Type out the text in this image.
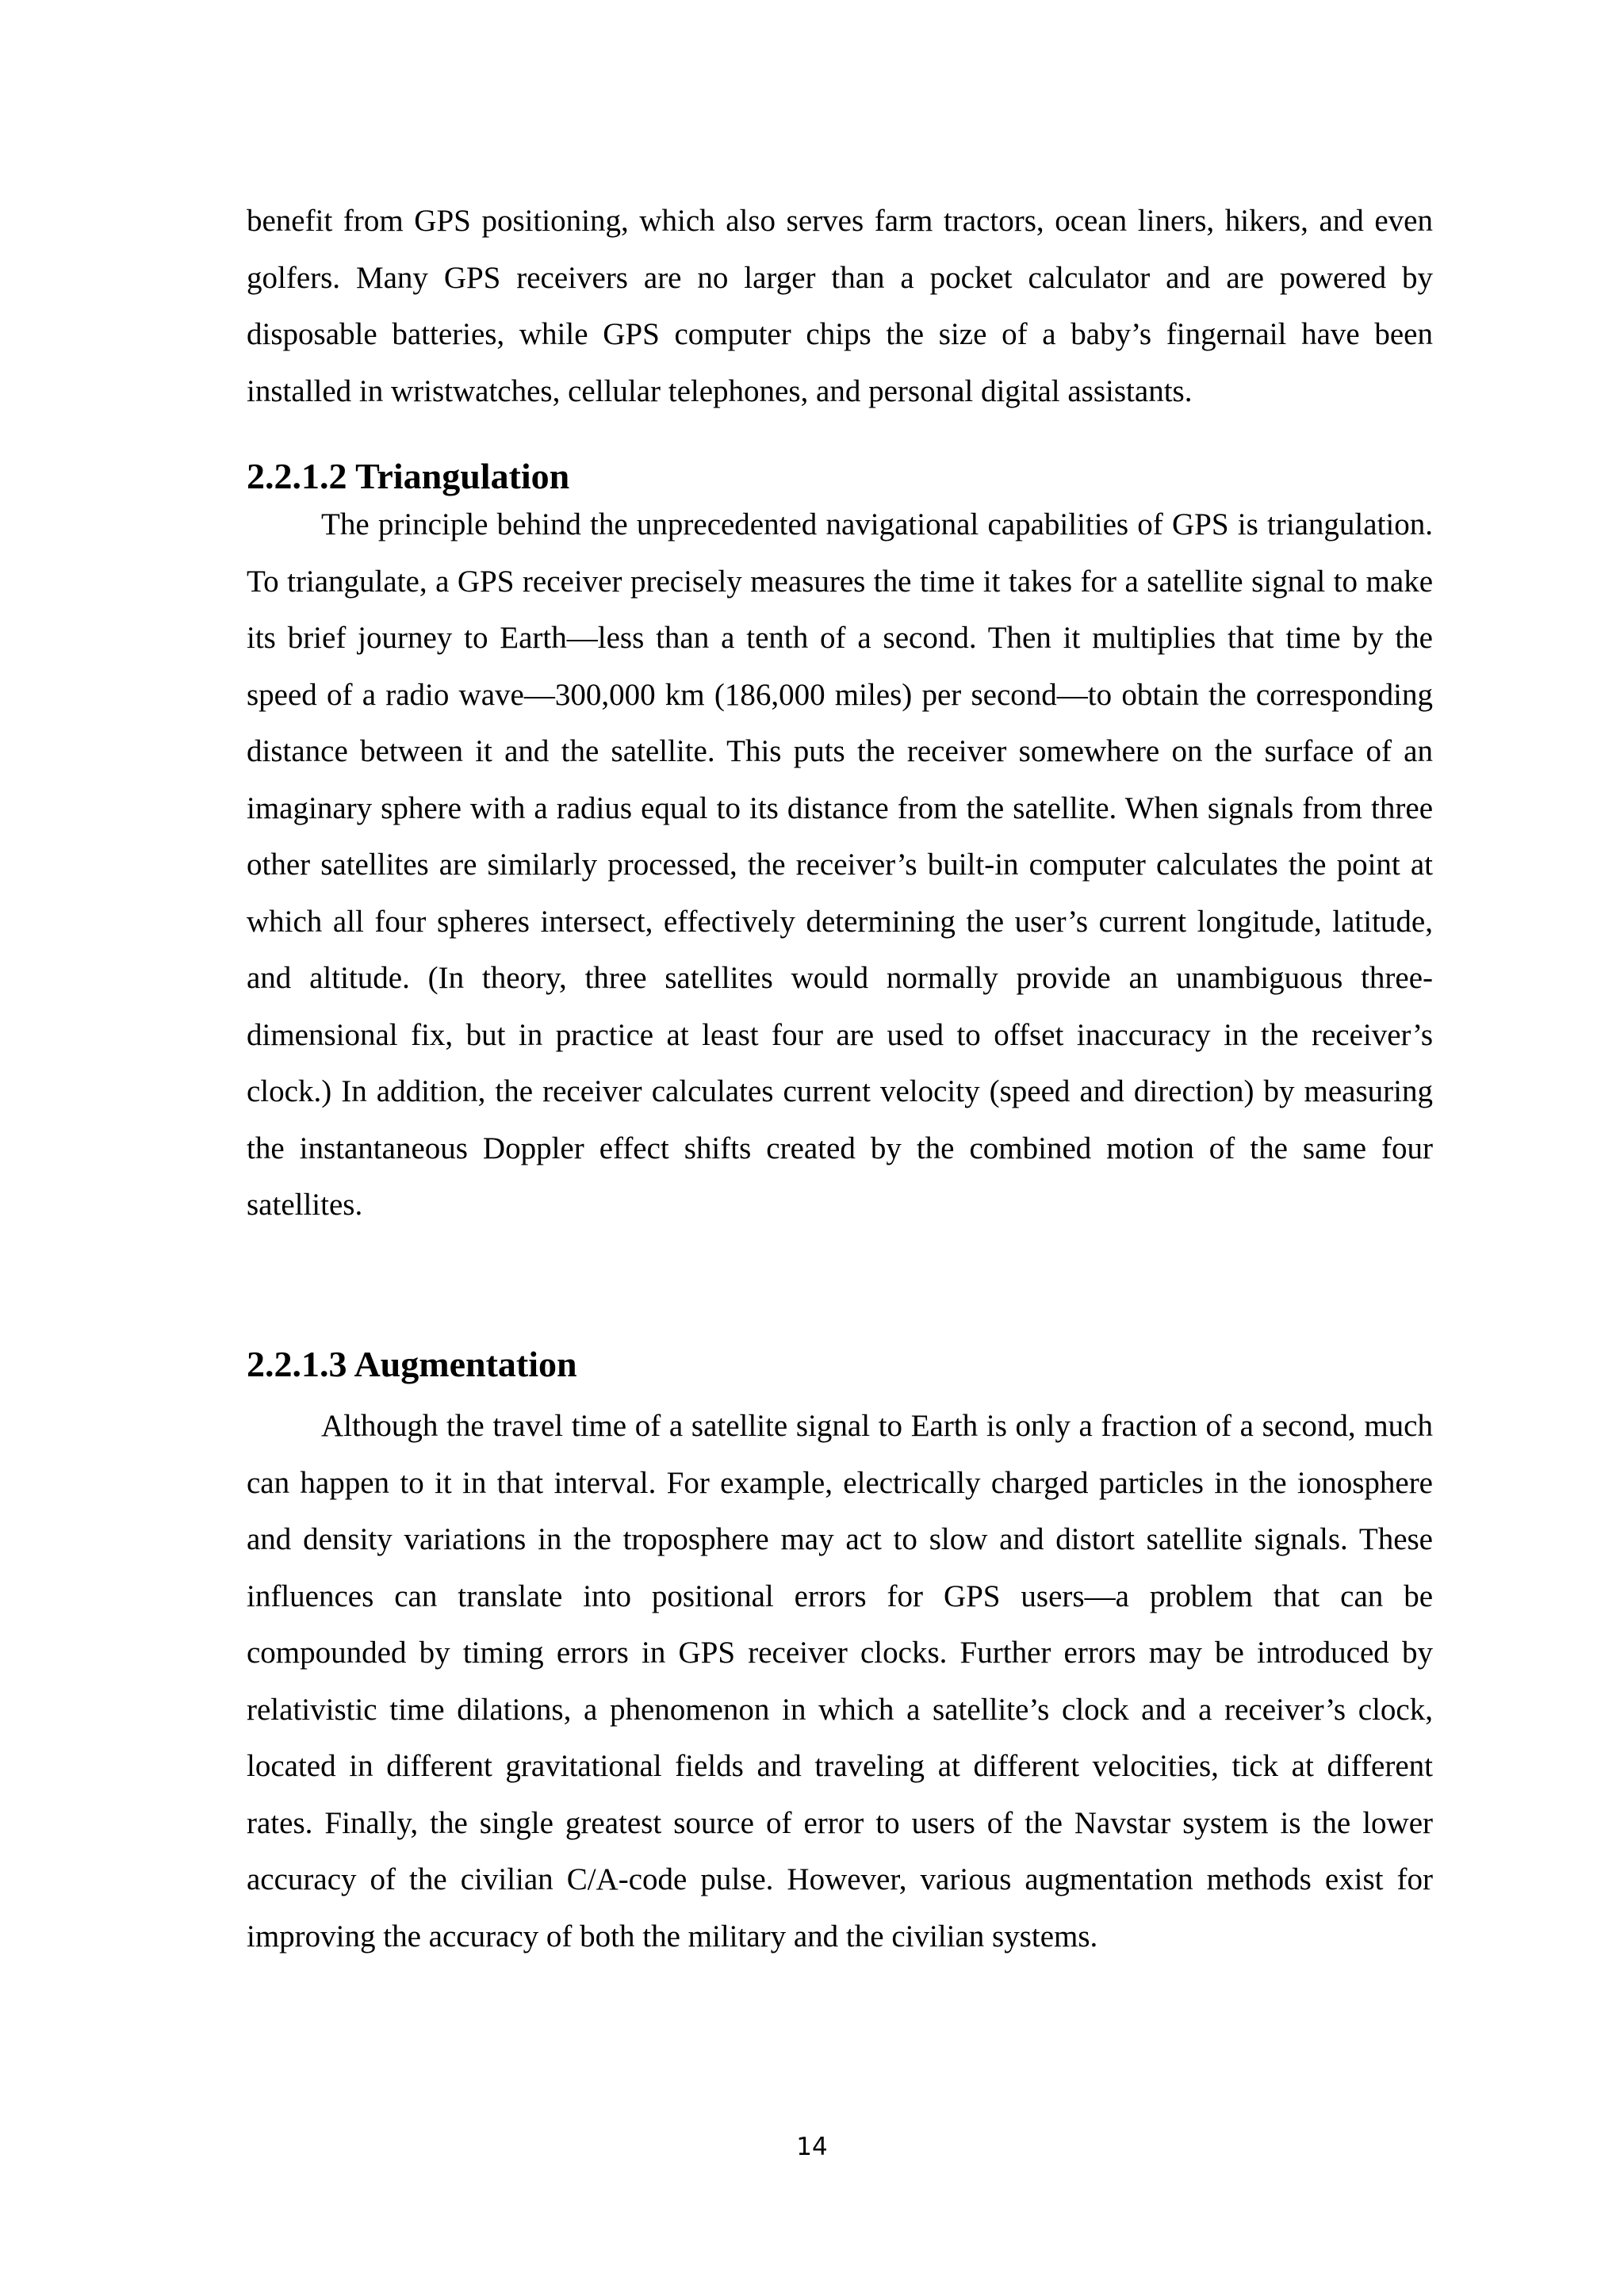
benefit from GPS positioning, which also serves farm tractors, ocean liners, hikers, and even golfers. Many GPS receivers are no larger than a pocket calculator and are powered by disposable batteries, while GPS computer chips the size of a baby’s fingernail have been installed in wristwatches, cellular telephones, and personal digital assistants.

2.2.1.2 Triangulation

The principle behind the unprecedented navigational capabilities of GPS is triangulation. To triangulate, a GPS receiver precisely measures the time it takes for a satellite signal to make its brief journey to Earth—less than a tenth of a second. Then it multiplies that time by the speed of a radio wave—300,000 km (186,000 miles) per second—to obtain the corresponding distance between it and the satellite. This puts the receiver somewhere on the surface of an imaginary sphere with a radius equal to its distance from the satellite. When signals from three other satellites are similarly processed, the receiver’s built-in computer calculates the point at which all four spheres intersect, effectively determining the user’s current longitude, latitude, and altitude. (In theory, three satellites would normally provide an unambiguous three-dimensional fix, but in practice at least four are used to offset inaccuracy in the receiver’s clock.) In addition, the receiver calculates current velocity (speed and direction) by measuring the instantaneous Doppler effect shifts created by the combined motion of the same four satellites.

2.2.1.3 Augmentation

Although the travel time of a satellite signal to Earth is only a fraction of a second, much can happen to it in that interval. For example, electrically charged particles in the ionosphere and density variations in the troposphere may act to slow and distort satellite signals. These influences can translate into positional errors for GPS users—a problem that can be compounded by timing errors in GPS receiver clocks. Further errors may be introduced by relativistic time dilations, a phenomenon in which a satellite’s clock and a receiver’s clock, located in different gravitational fields and traveling at different velocities, tick at different rates. Finally, the single greatest source of error to users of the Navstar system is the lower accuracy of the civilian C/A-code pulse. However, various augmentation methods exist for improving the accuracy of both the military and the civilian systems.

14
